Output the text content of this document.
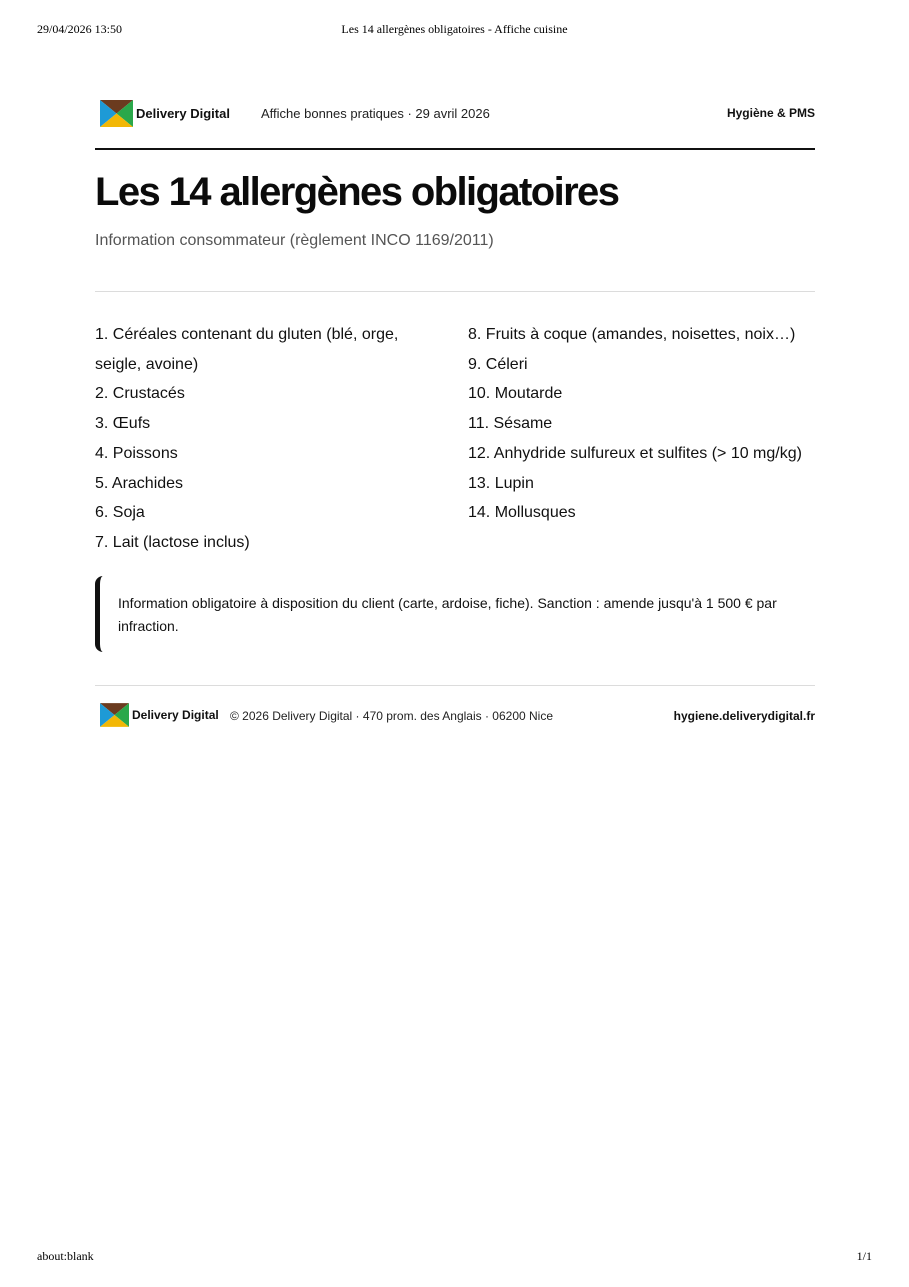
29/04/2026 13:50	Les 14 allergènes obligatoires - Affiche cuisine
Delivery Digital Affiche bonnes pratiques · 29 avril 2026	Hygiène & PMS
Les 14 allergènes obligatoires
Information consommateur (règlement INCO 1169/2011)
1. Céréales contenant du gluten (blé, orge, seigle, avoine)
2. Crustacés
3. Œufs
4. Poissons
5. Arachides
6. Soja
7. Lait (lactose inclus)
8. Fruits à coque (amandes, noisettes, noix…)
9. Céleri
10. Moutarde
11. Sésame
12. Anhydride sulfureux et sulfites (> 10 mg/kg)
13. Lupin
14. Mollusques
Information obligatoire à disposition du client (carte, ardoise, fiche). Sanction : amende jusqu'à 1 500 € par infraction.
Delivery Digital © 2026 Delivery Digital · 470 prom. des Anglais · 06200 Nice	hygiene.deliverydigital.fr
about:blank	1/1
